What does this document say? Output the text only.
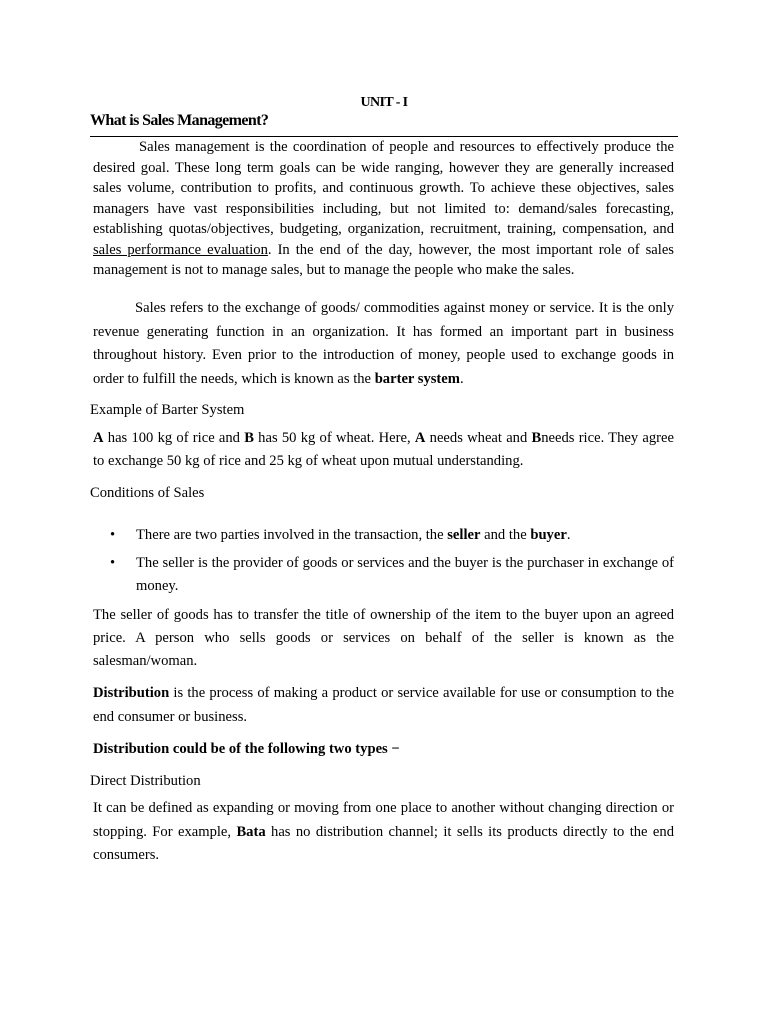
UNIT - I
What is Sales Management?
Sales management is the coordination of people and resources to effectively produce the desired goal. These long term goals can be wide ranging, however they are generally increased sales volume, contribution to profits, and continuous growth. To achieve these objectives, sales managers have vast responsibilities including, but not limited to: demand/sales forecasting, establishing quotas/objectives, budgeting, organization, recruitment, training, compensation, and sales performance evaluation. In the end of the day, however, the most important role of sales management is not to manage sales, but to manage the people who make the sales.
Sales refers to the exchange of goods/ commodities against money or service. It is the only revenue generating function in an organization. It has formed an important part in business throughout history. Even prior to the introduction of money, people used to exchange goods in order to fulfill the needs, which is known as the barter system.
Example of Barter System
A has 100 kg of rice and B has 50 kg of wheat. Here, A needs wheat and Bneeds rice. They agree to exchange 50 kg of rice and 25 kg of wheat upon mutual understanding.
Conditions of Sales
• There are two parties involved in the transaction, the seller and the buyer.
• The seller is the provider of goods or services and the buyer is the purchaser in exchange of money.
The seller of goods has to transfer the title of ownership of the item to the buyer upon an agreed price. A person who sells goods or services on behalf of the seller is known as the salesman/woman.
Distribution is the process of making a product or service available for use or consumption to the end consumer or business.
Distribution could be of the following two types −
Direct Distribution
It can be defined as expanding or moving from one place to another without changing direction or stopping. For example, Bata has no distribution channel; it sells its products directly to the end consumers.
